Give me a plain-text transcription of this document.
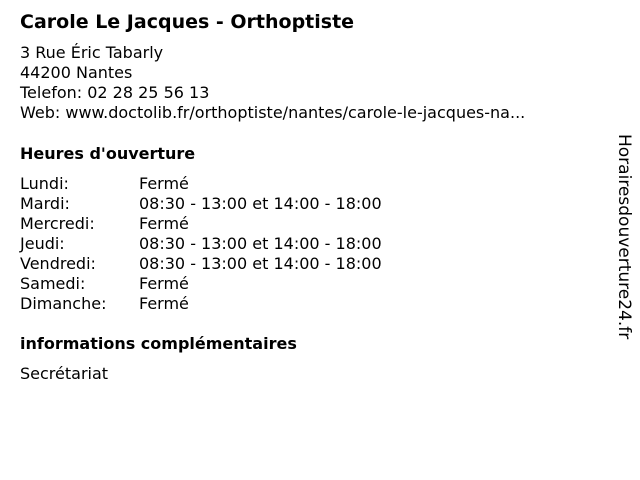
Carole Le Jacques - Orthoptiste
3 Rue Éric Tabarly
44200 Nantes
Telefon: 02 28 25 56 13
Web: www.doctolib.fr/orthoptiste/nantes/carole-le-jacques-na...
Heures d'ouverture
Lundi:	Fermé
Mardi:	08:30 - 13:00 et 14:00 - 18:00
Mercredi:	Fermé
Jeudi:	08:30 - 13:00 et 14:00 - 18:00
Vendredi:	08:30 - 13:00 et 14:00 - 18:00
Samedi:	Fermé
Dimanche: Fermé
informations complémentaires
Secrétariat
Horairesdouverture24.fr
